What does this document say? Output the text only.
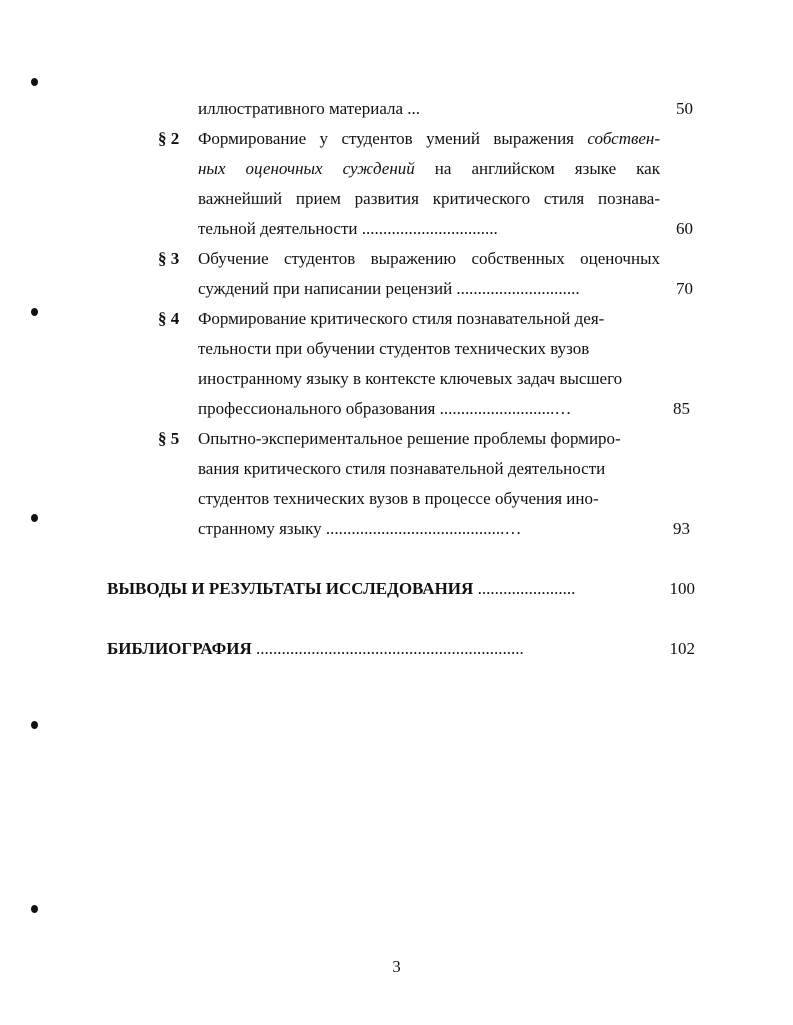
иллюстративного материала ...	50
§ 2 Формирование у студентов умений выражения собствен-
ных оценочных суждений на английском языке как
важнейший прием развития критического стиля познава-
тельной деятельности ................................	60
§ 3 Обучение студентов выражению собственных оценочных
суждений при написании рецензий .............................	70
§ 4 Формирование критического стиля познавательной дея-
тельности при обучении студентов технических вузов
иностранному языку в контексте ключевых задач высшего
профессионального образования ...........................…	85
§ 5 Опытно-экспериментальное решение проблемы формиро-
вания критического стиля познавательной деятельности
студентов технических вузов в процессе обучения ино-
странному языку ..........................................…	93
ВЫВОДЫ И РЕЗУЛЬТАТЫ ИССЛЕДОВАНИЯ .......................	100
БИБЛИОГРАФИЯ ...............................................................	102
3
